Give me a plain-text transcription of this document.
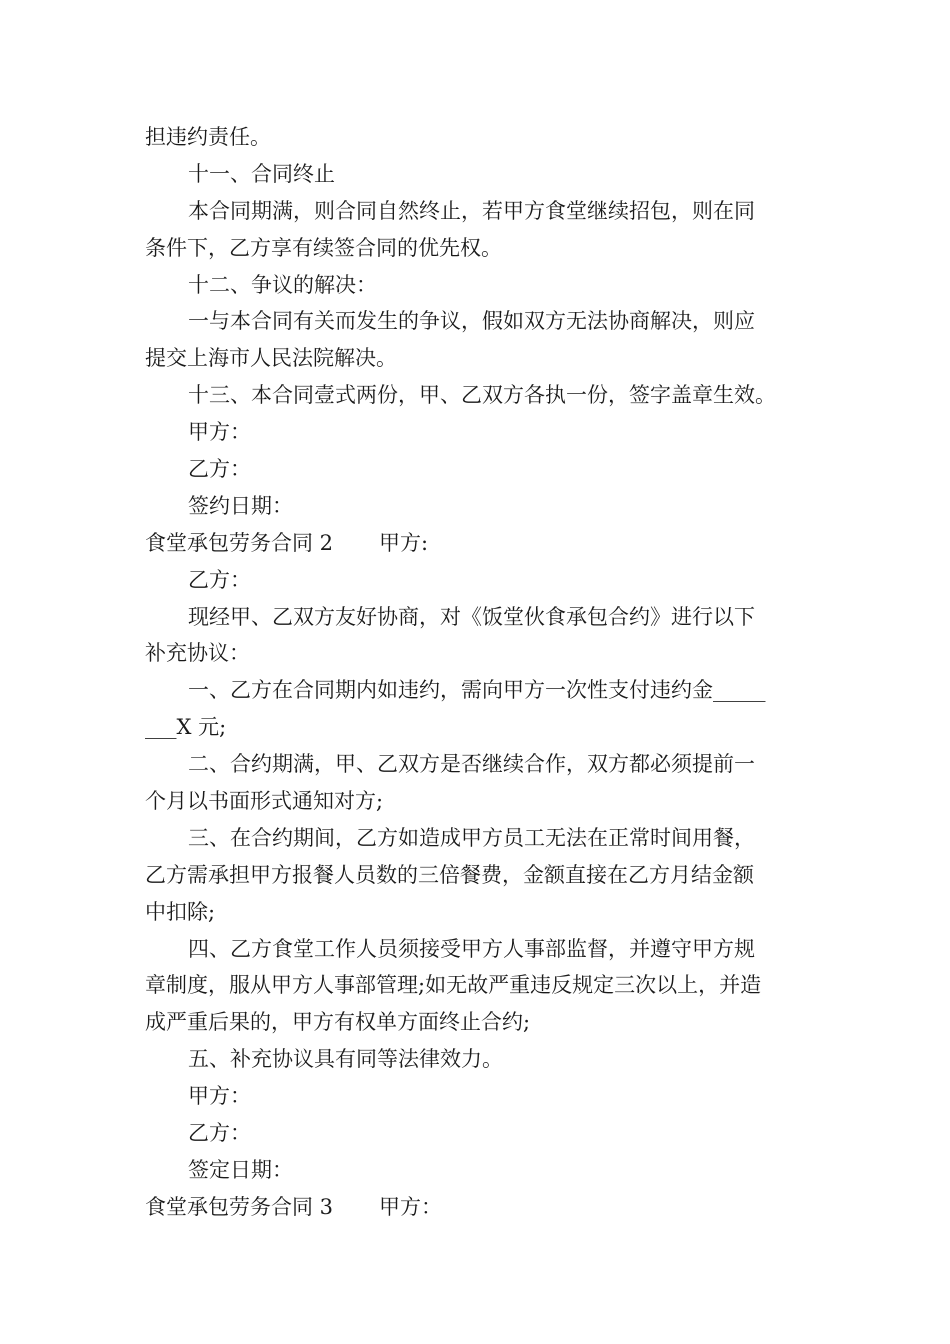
担违约责任。
十一、合同终止
本合同期满，则合同自然终止，若甲方食堂继续招包，则在同
条件下，乙方享有续签合同的优先权。
十二、争议的解决：
一与本合同有关而发生的争议，假如双方无法协商解决，则应
提交上海市人民法院解决。
十三、本合同壹式两份，甲、乙双方各执一份，签字盖章生效。
甲方：
乙方：
签约日期：
食堂承包劳务合同 2 甲方:
乙方：
现经甲、乙双方友好协商，对《饭堂伙食承包合约》进行以下
补充协议：
一、乙方在合同期内如违约，需向甲方一次性支付违约金_____
___X 元;
二、合约期满，甲、乙双方是否继续合作，双方都必须提前一
个月以书面形式通知对方;
三、在合约期间，乙方如造成甲方员工无法在正常时间用餐，
乙方需承担甲方报餐人员数的三倍餐费，金额直接在乙方月结金额
中扣除;
四、乙方食堂工作人员须接受甲方人事部监督，并遵守甲方规
章制度，服从甲方人事部管理;如无故严重违反规定三次以上，并造
成严重后果的，甲方有权单方面终止合约;
五、补充协议具有同等法律效力。
甲方：
乙方：
签定日期：
食堂承包劳务合同 3 甲方：
